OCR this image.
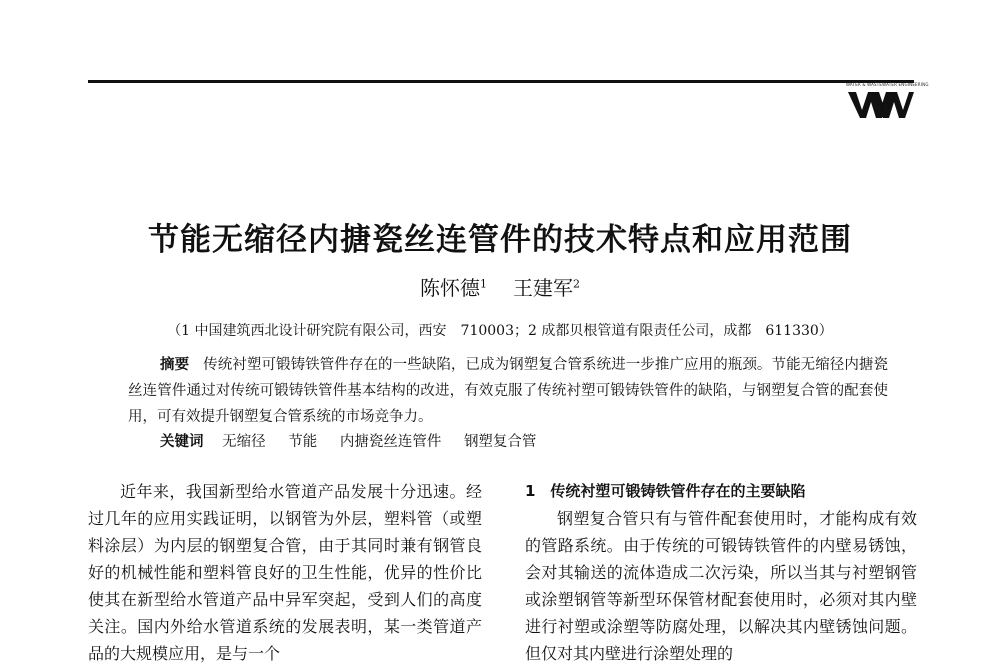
WATER & WASTEWATER ENGINEERING
节能无缩径内搪瓷丝连管件的技术特点和应用范围
陈怀德$^1$ 王建军$^2$
（1 中国建筑西北设计研究院有限公司，西安　710003；2 成都贝根管道有限责任公司，成都　611330）
摘要 传统衬塑可锻铸铁管件存在的一些缺陷，已成为钢塑复合管系统进一步推广应用的瓶颈。节能无缩径内搪瓷丝连管件通过对传统可锻铸铁管件基本结构的改进，有效克服了传统衬塑可锻铸铁管件的缺陷，与钢塑复合管的配套使用，可有效提升钢塑复合管系统的市场竞争力。
关键词 无缩径 节能 内搪瓷丝连管件 钢塑复合管
近年来，我国新型给水管道产品发展十分迅速。经过几年的应用实践证明，以钢管为外层，塑料管（或塑料涂层）为内层的钢塑复合管，由于其同时兼有钢管良好的机械性能和塑料管良好的卫生性能，优异的性价比使其在新型给水管道产品中异军突起，受到人们的高度关注。国内外给水管道系统的发展表明，某一类管道产品的大规模应用，是与一个
1　传统衬塑可锻铸铁管件存在的主要缺陷
钢塑复合管只有与管件配套使用时，才能构成有效的管路系统。由于传统的可锻铸铁管件的内壁易锈蚀，会对其输送的流体造成二次污染，所以当其与衬塑钢管或涂塑钢管等新型环保管材配套使用时，必须对其内壁进行衬塑或涂塑等防腐处理，以解决其内壁锈蚀问题。但仅对其内壁进行涂塑处理的
